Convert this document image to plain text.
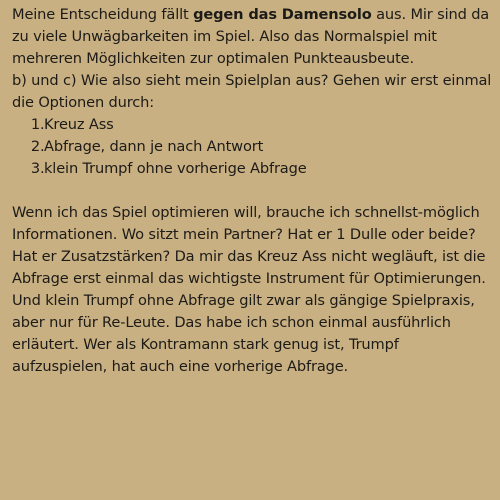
Meine Entscheidung fällt gegen das Damensolo aus. Mir sind da zu viele Unwägbarkeiten im Spiel. Also das Normalspiel mit mehreren Möglichkeiten zur optimalen Punkteausbeute.

b) und c) Wie also sieht mein Spielplan aus? Gehen wir erst einmal die Optionen durch:

1 . Kreuz Ass
2 . Abfrage, dann je nach Antwort
3 . klein Trumpf ohne vorherige Abfrage

Wenn ich das Spiel optimieren will, brauche ich schnellst-möglich Informationen. Wo sitzt mein Partner? Hat er 1 Dulle oder beide? Hat er Zusatzstärken? Da mir das Kreuz Ass nicht wegläuft, ist die Abfrage erst einmal das wichtigste Instrument für Optimierungen. Und klein Trumpf ohne Abfrage gilt zwar als gängige Spielpraxis, aber nur für Re-Leute. Das habe ich schon einmal ausführlich erläutert. Wer als Kontramann stark genug ist, Trumpf aufzuspielen, hat auch eine vorherige Abfrage.
